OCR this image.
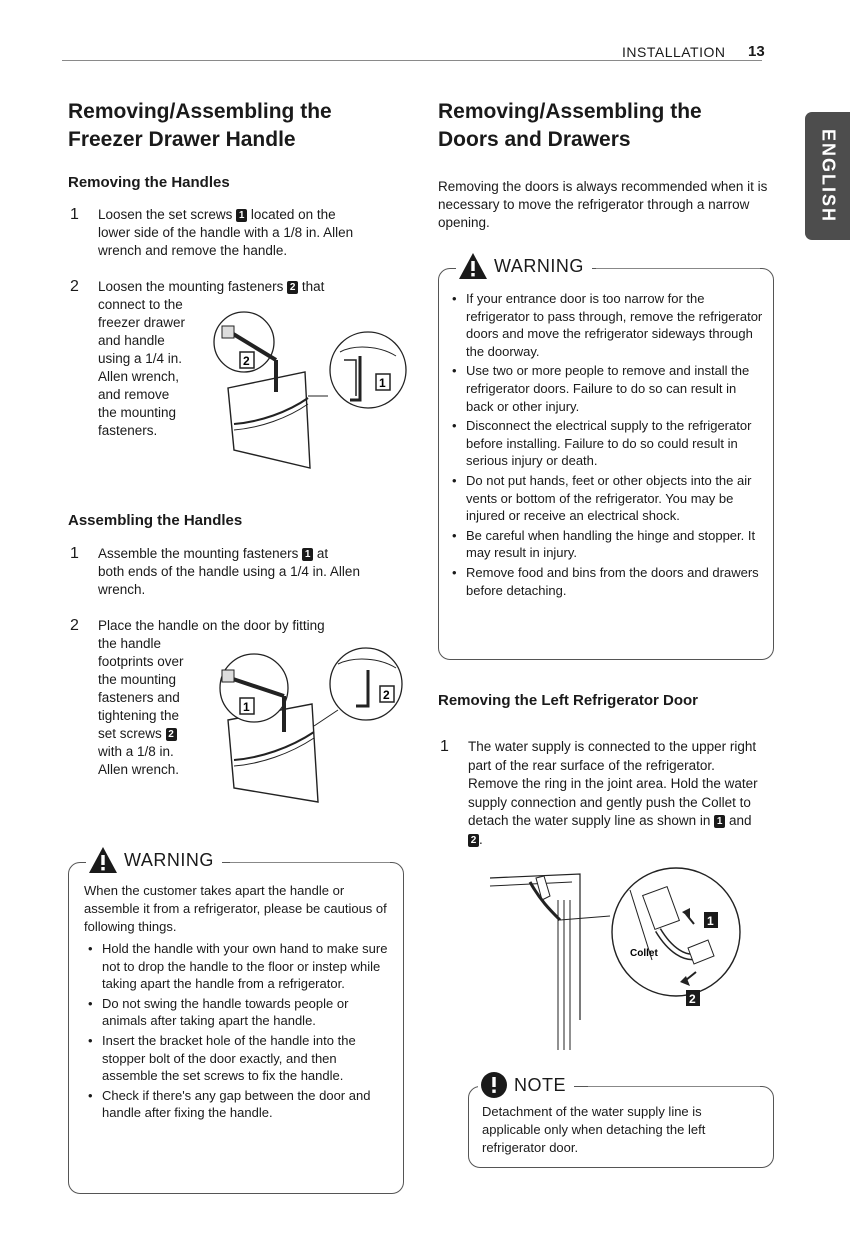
INSTALLATION 13
ENGLISH
Removing/Assembling the
Freezer Drawer Handle
Removing the Handles
1 Loosen the set screws 1 located on the
lower side of the handle with a 1/8 in. Allen
wrench and remove the handle.
2 Loosen the mounting fasteners 2 that
connect to the
freezer drawer
and handle
using a 1/4 in.
Allen wrench,
and remove
the mounting
fasteners.
2
1
Assembling the Handles
1 Assemble the mounting fasteners 1 at
both ends of the handle using a 1/4 in. Allen
wrench.
2 Place the handle on the door by fitting
the handle
footprints over
the mounting
fasteners and
tightening the
set screws 2
with a 1/8 in.
Allen wrench.
1
2
WARNING
When the customer takes apart the handle or assemble it from a refrigerator, please be cautious of following things.
• Hold the handle with your own hand to make sure not to drop the handle to the floor or instep while taking apart the handle from a refrigerator.
• Do not swing the handle towards people or animals after taking apart the handle.
• Insert the bracket hole of the handle into the stopper bolt of the door exactly, and then assemble the set screws to fix the handle.
• Check if there's any gap between the door and handle after fixing the handle.
Removing/Assembling the
Doors and Drawers
Removing the doors is always recommended when it is necessary to move the refrigerator through a narrow opening.
WARNING
• If your entrance door is too narrow for the refrigerator to pass through, remove the refrigerator doors and move the refrigerator sideways through the doorway.
• Use two or more people to remove and install the refrigerator doors. Failure to do so can result in back or other injury.
• Disconnect the electrical supply to the refrigerator before installing. Failure to do so could result in serious injury or death.
• Do not put hands, feet or other objects into the air vents or bottom of the refrigerator. You may be injured or receive an electrical shock.
• Be careful when handling the hinge and stopper. It may result in injury.
• Remove food and bins from the doors and drawers before detaching.
Removing the Left Refrigerator Door
1 The water supply is connected to the upper right part of the rear surface of the refrigerator. Remove the ring in the joint area. Hold the water supply connection and gently push the Collet to detach the water supply line as shown in 1 and 2 .
Collet
1
2
NOTE
Detachment of the water supply line is applicable only when detaching the left refrigerator door.
